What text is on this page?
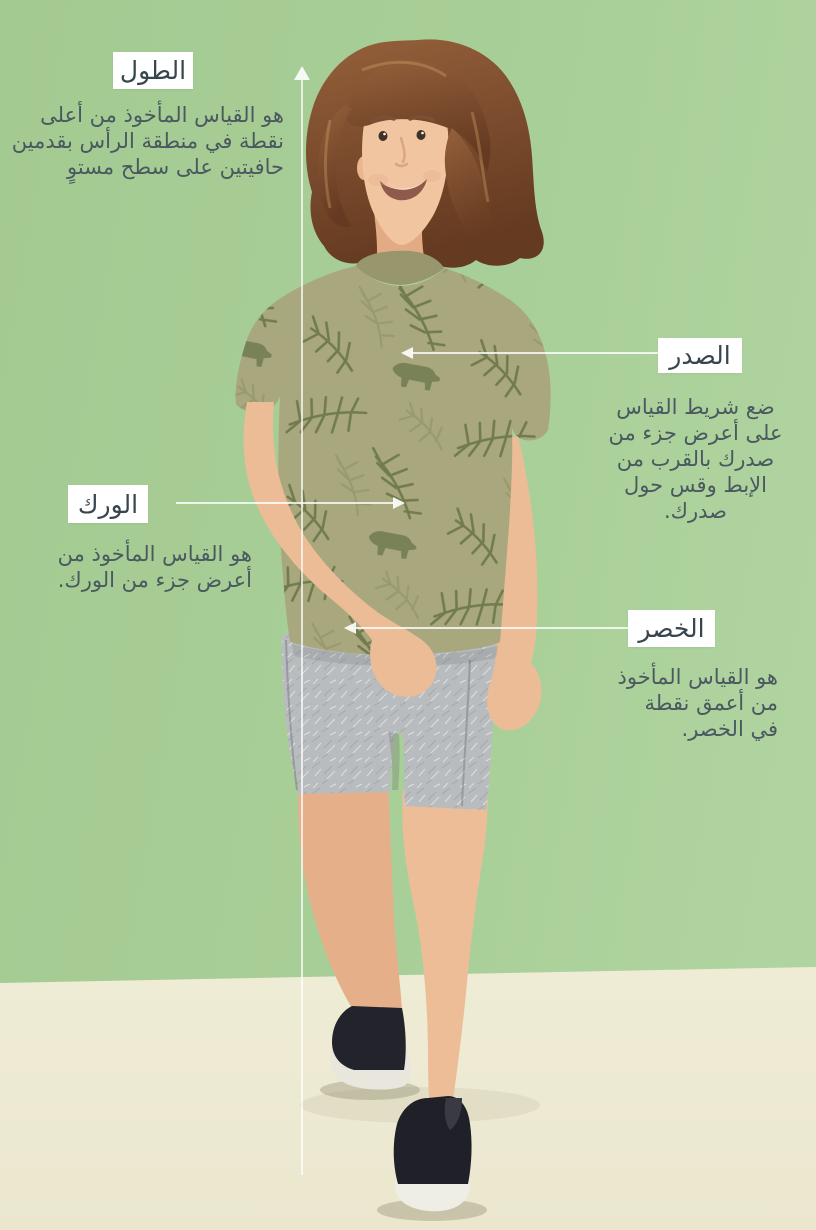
الطول

هو القياس المأخوذ من أعلى نقطة في منطقة الرأس بقدمين حافيتين على سطح مستوٍ

الصدر

ضع شريط القياس على أعرض جزء من صدرك بالقرب من الإبط وقس حول صدرك.

الورك

هو القياس المأخوذ من أعرض جزء من الورك.

الخصر

هو القياس المأخوذ من أعمق نقطة في الخصر.
